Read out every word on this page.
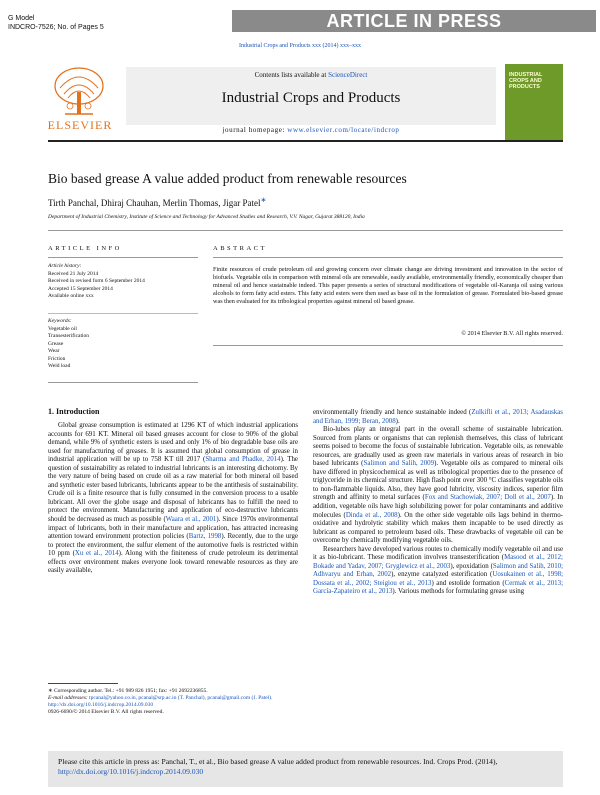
G Model
INDCRO-7526; No. of Pages 5	ARTICLE IN PRESS
Industrial Crops and Products xxx (2014) xxx–xxx
ELSEVIER
Contents lists available at ScienceDirect
Industrial Crops and Products
journal homepage: www.elsevier.com/locate/indcrop
INDUSTRIAL CROPS AND PRODUCTS
Bio based grease A value added product from renewable resources
Tirth Panchal, Dhiraj Chauhan, Merlin Thomas, Jigar Patel∗
Department of Industrial Chemistry, Institute of Science and Technology for Advanced Studies and Research, V.V. Nagar, Gujarat 388120, India
ARTICLE INFO	ABSTRACT
Article history:
Received 21 July 2014
Received in revised form 6 September 2014
Accepted 15 September 2014
Available online xxx
Keywords:
Vegetable oil
Transesterification
Grease
Wear
Friction
Weld load
Finite resources of crude petroleum oil and growing concern over climate change are driving investment and innovation in the sector of biofuels. Vegetable oils in comparison with mineral oils are renewable, easily available, environmentally friendly, economically cheaper than mineral oil and hence sustainable indeed. This paper presents a series of structural modifications of vegetable oil-Karanja oil using various alcohols to form fatty acid esters. This fatty acid esters were then used as base oil in the formulation of grease. Formulated bio-based grease was then evaluated for its tribological properties against mineral oil based grease.
© 2014 Elsevier B.V. All rights reserved.
1. Introduction

Global grease consumption is estimated at 1296 KT of which industrial applications accounts for 691 KT. Mineral oil based greases account for close to 90% of the global demand, while 9% of synthetic esters is used and only 1% of bio degradable base oils are used for manufacturing of greases. It is assumed that global consumption of grease in industrial application will be up to 758 KT till 2017 (Sharma and Phadke, 2014). The question of sustainability as related to industrial lubricants is an interesting dichotomy. By the very nature of being based on crude oil as a raw material for both mineral oil based and synthetic ester based lubricants, lubricants appear to be the antithesis of sustainability. Crude oil is a finite resource that is fully consumed in the conversion process to a usable lubricant. All over the globe usage and disposal of lubricants has to fulfill the need to protect the environment. Manufacturing and application of eco-destructive lubricants should be decreased as much as possible (Waara et al., 2001). Since 1970s environmental impact of lubricants, both in their manufacture and application, has attracted increasing attention toward environment protection policies (Bartz, 1998). Recently, due to the urge to protect the environment, the sulfur element of the automotive fuels is restricted within 10 ppm (Xu et al., 2014). Along with the finiteness of crude petroleum its detrimental effects over environment makes everyone look toward renewable resources as they are easily available,

environmentally friendly and hence sustainable indeed (Zulkifli et al., 2013; Asadauskas and Erhan, 1999; Beran, 2008).

Bio-lubes play an integral part in the overall scheme of sustainable lubrication. Sourced from plants or organisms that can replenish themselves, this class of lubricant seems poised to become the focus of sustainable lubrication. Vegetable oils, as renewable resources, are gradually used as green raw materials in various areas of research in bio based lubricants (Salimon and Salih, 2009). Vegetable oils as compared to mineral oils have differed in physicochemical as well as tribological properties due to the presence of triglyceride in its chemical structure. High flash point over 300 °C classifies vegetable oils to non-flammable liquids. Also, they have good lubricity, viscosity indices, superior film strength and affinity to metal surfaces (Fox and Stachowiak, 2007; Doll et al., 2007). In addition, vegetable oils have high solubilizing power for polar contaminants and additive molecules (Dinda et al., 2008). On the other side vegetable oils lags behind in thermo-oxidative and hydrolytic stability which makes them incapable to be used directly as lubricant as compared to petroleum based oils. These drawbacks of vegetable oil can be overcome by chemically modifying vegetable oils.

Researchers have developed various routes to chemically modify vegetable oil and use it as bio-lubricant. These modification involves transesterification (Masood et al., 2012; Bokade and Yadav, 2007; Gryglewicz et al., 2003), epoxidation (Salimon and Salih, 2010; Adhvaryu and Erhan, 2002), enzyme catalyzed esterification (Uosukainen et al., 1998; Dossata et al., 2002; Steigiou et al., 2013) and estolide formation (Cermak et al., 2013; García-Zapateiro et al., 2013). Various methods for formulating grease using

∗ Corresponding author. Tel.: +91 989 826 1951; fax: +91 2692236855.
E-mail addresses: tpcanal@yahoo.co.in, pcanal@srp.ac.in (T. Panchal), pcanal@gmail.com (J. Patel).
http://dx.doi.org/10.1016/j.indcrop.2014.09.030
0926-6690/© 2014 Elsevier B.V. All rights reserved.
Please cite this article in press as: Panchal, T., et al., Bio based grease A value added product from renewable resources. Ind. Crops Prod. (2014), http://dx.doi.org/10.1016/j.indcrop.2014.09.030
